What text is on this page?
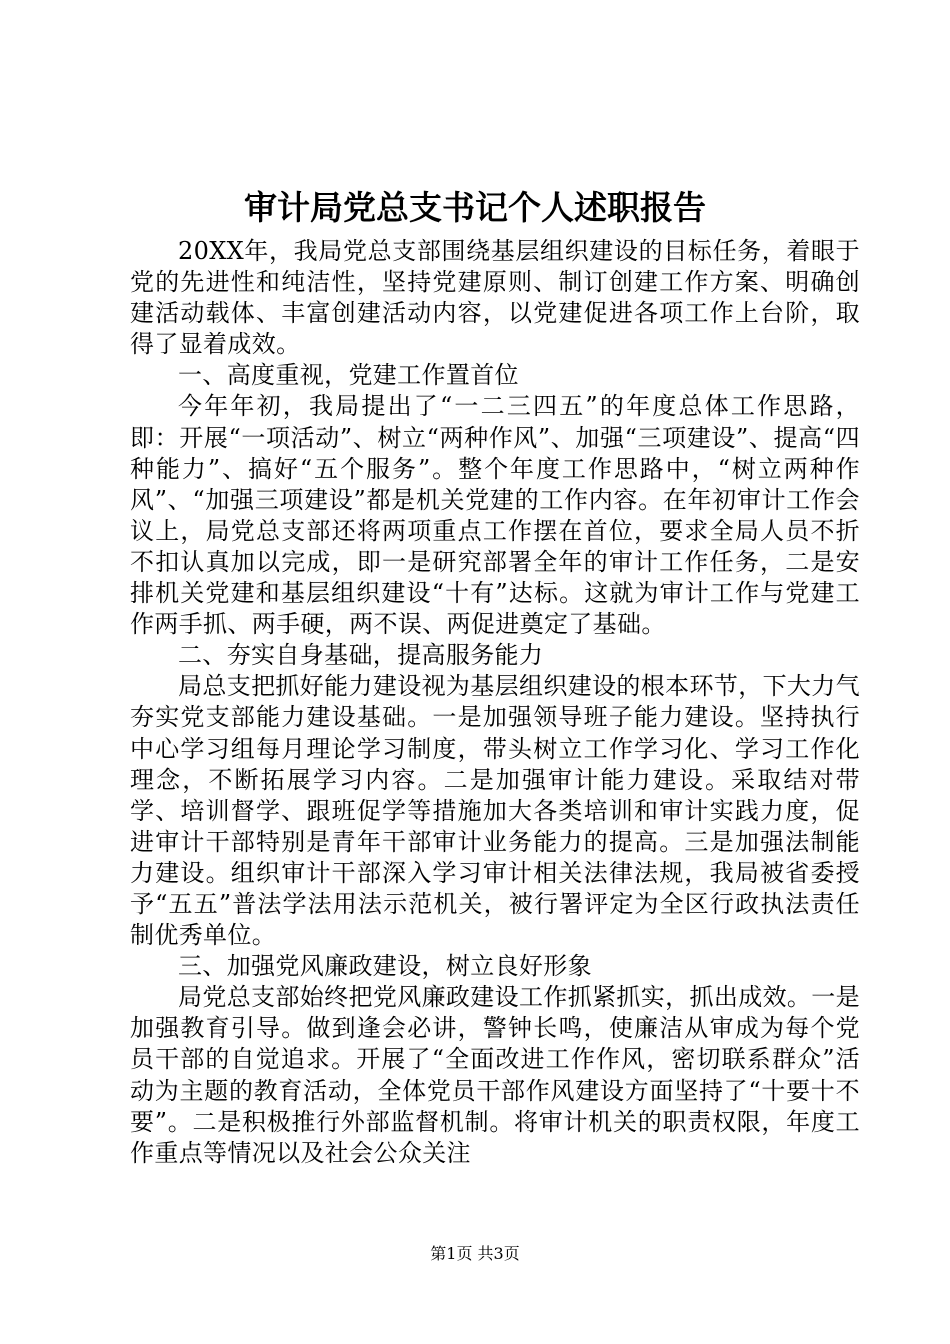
审计局党总支书记个人述职报告

20XX年，我局党总支部围绕基层组织建设的目标任务，着眼于党的先进性和纯洁性，坚持党建原则、制订创建工作方案、明确创建活动载体、丰富创建活动内容，以党建促进各项工作上台阶，取得了显着成效。

一、高度重视，党建工作置首位

今年年初，我局提出了“一二三四五”的年度总体工作思路，即：开展“一项活动”、树立“两种作风”、加强“三项建设”、提高“四种能力”、搞好“五个服务”。整个年度工作思路中，“树立两种作风”、“加强三项建设”都是机关党建的工作内容。在年初审计工作会议上，局党总支部还将两项重点工作摆在首位，要求全局人员不折不扣认真加以完成，即一是研究部署全年的审计工作任务，二是安排机关党建和基层组织建设“十有”达标。这就为审计工作与党建工作两手抓、两手硬，两不误、两促进奠定了基础。

二、夯实自身基础，提高服务能力

局总支把抓好能力建设视为基层组织建设的根本环节，下大力气夯实党支部能力建设基础。一是加强领导班子能力建设。坚持执行中心学习组每月理论学习制度，带头树立工作学习化、学习工作化理念，不断拓展学习内容。二是加强审计能力建设。采取结对带学、培训督学、跟班促学等措施加大各类培训和审计实践力度，促进审计干部特别是青年干部审计业务能力的提高。三是加强法制能力建设。组织审计干部深入学习审计相关法律法规，我局被省委授予“五五”普法学法用法示范机关，被行署评定为全区行政执法责任制优秀单位。

三、加强党风廉政建设，树立良好形象

局党总支部始终把党风廉政建设工作抓紧抓实，抓出成效。一是加强教育引导。做到逢会必讲，警钟长鸣，使廉洁从审成为每个党员干部的自觉追求。开展了“全面改进工作作风，密切联系群众”活动为主题的教育活动，全体党员干部作风建设方面坚持了“十要十不要”。二是积极推行外部监督机制。将审计机关的职责权限，年度工作重点等情况以及社会公众关注

第1页 共3页
